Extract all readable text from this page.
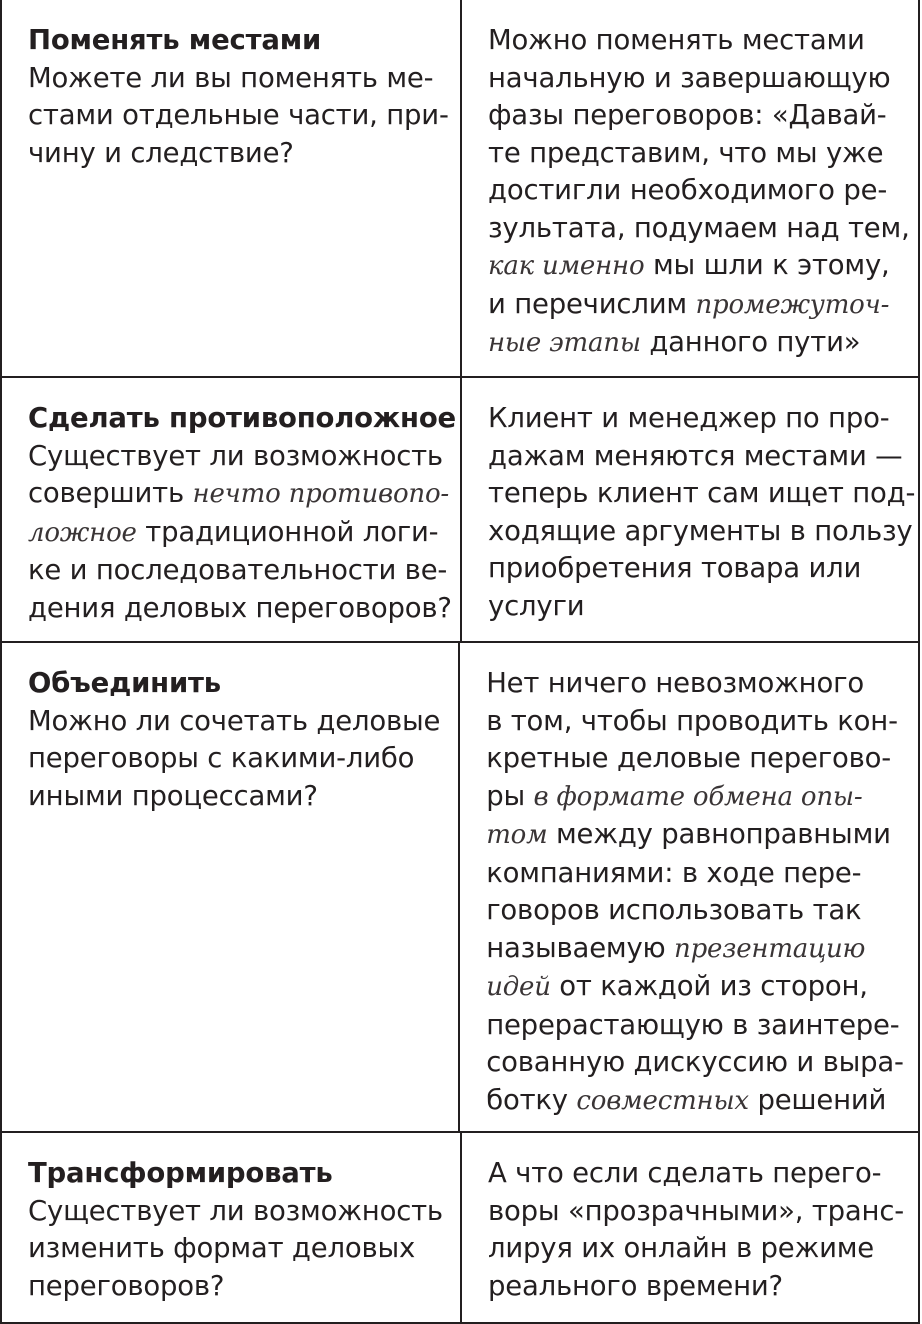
Поменять местами
Можете ли вы поменять ме-
стами отдельные части, при-
чину и следствие?
Можно поменять местами
начальную и завершающую
фазы переговоров: «Давай-
те представим, что мы уже
достигли необходимого ре-
зультата, подумаем над тем,
как именно мы шли к этому,
и перечислим промежуточ-
ные этапы данного пути»
Сделать противоположное
Существует ли возможность
совершить нечто противопо-
ложное традиционной логи-
ке и последовательности ве-
дения деловых переговоров?
Клиент и менеджер по про-
дажам меняются местами —
теперь клиент сам ищет под-
ходящие аргументы в пользу
приобретения товара или
услуги
Объединить
Можно ли сочетать деловые
переговоры с какими-либо
иными процессами?
Нет ничего невозможного
в том, чтобы проводить кон-
кретные деловые перегово-
ры в формате обмена опы-
том между равноправными
компаниями: в ходе пере-
говоров использовать так
называемую презентацию
идей от каждой из сторон,
перерастающую в заинтере-
сованную дискуссию и выра-
ботку совместных решений
Трансформировать
Существует ли возможность
изменить формат деловых
переговоров?
А что если сделать перего-
воры «прозрачными», транс-
лируя их онлайн в режиме
реального времени?
